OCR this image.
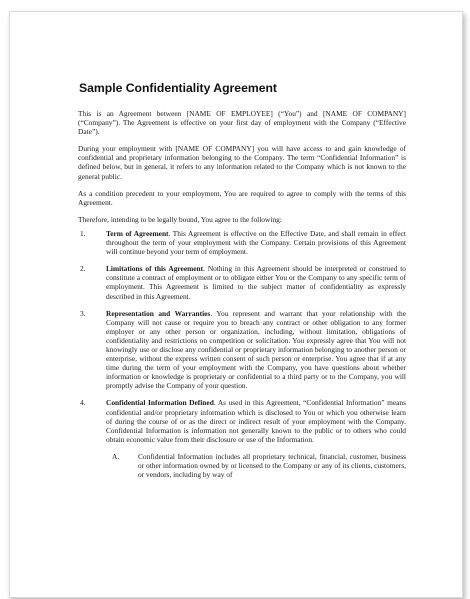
Sample Confidentiality Agreement

This is an Agreement between [NAME OF EMPLOYEE] (“You”) and [NAME OF COMPANY] (“Company”). The Agreement is effective on your first day of employment with the Company (“Effective Date”).

During your employment with [NAME OF COMPANY] you will have access to and gain knowledge of confidential and proprietary information belonging to the Company. The term “Confidential Information” is defined below, but in general, it refers to any information related to the Company which is not known to the general public.

As a condition precedent to your employment, You are required to agree to comply with the terms of this Agreement.

Therefore, intending to be legally bound, You agree to the following:

1.	Term of Agreement. This Agreement is effective on the Effective Date, and shall remain in effect throughout the term of your employment with the Company. Certain provisions of this Agreement will continue beyond your term of employment.
2.	Limitations of this Agreement. Nothing in this Agreement should be interpreted or construed to constitute a contract of employment or to obligate either You or the Company to any specific term of employment. This Agreement is limited to the subject matter of confidentiality as expressly described in this Agreement.
3.	Representation and Warranties. You represent and warrant that your relationship with the Company will not cause or require you to breach any contract or other obligation to any former employer or any other person or organization, including, without limitation, obligations of confidentiality and restrictions on competition or solicitation. You expressly agree that You will not knowingly use or disclose any confidential or proprietary information belonging to another person or enterprise, without the express written consent of such person or enterprise. You agree that if at any time during the term of your employment with the Company, you have questions about whether information or knowledge is proprietary or confidential to a third party or to the Company, you will promptly advise the Company of your question.
4.	Confidential Information Defined. As used in this Agreement, “Confidential Information” means confidential and/or proprietary information which is disclosed to You or which you otherwise learn of during the course of or as the direct or indirect result of your employment with the Company. Confidential Information is information not generally known to the public or to others who could obtain economic value from their disclosure or use of the Information.
A.	Confidential Information includes all proprietary technical, financial, customer, business or other information owned by or licensed to the Company or any of its clients, customers, or vendors, including by way of
